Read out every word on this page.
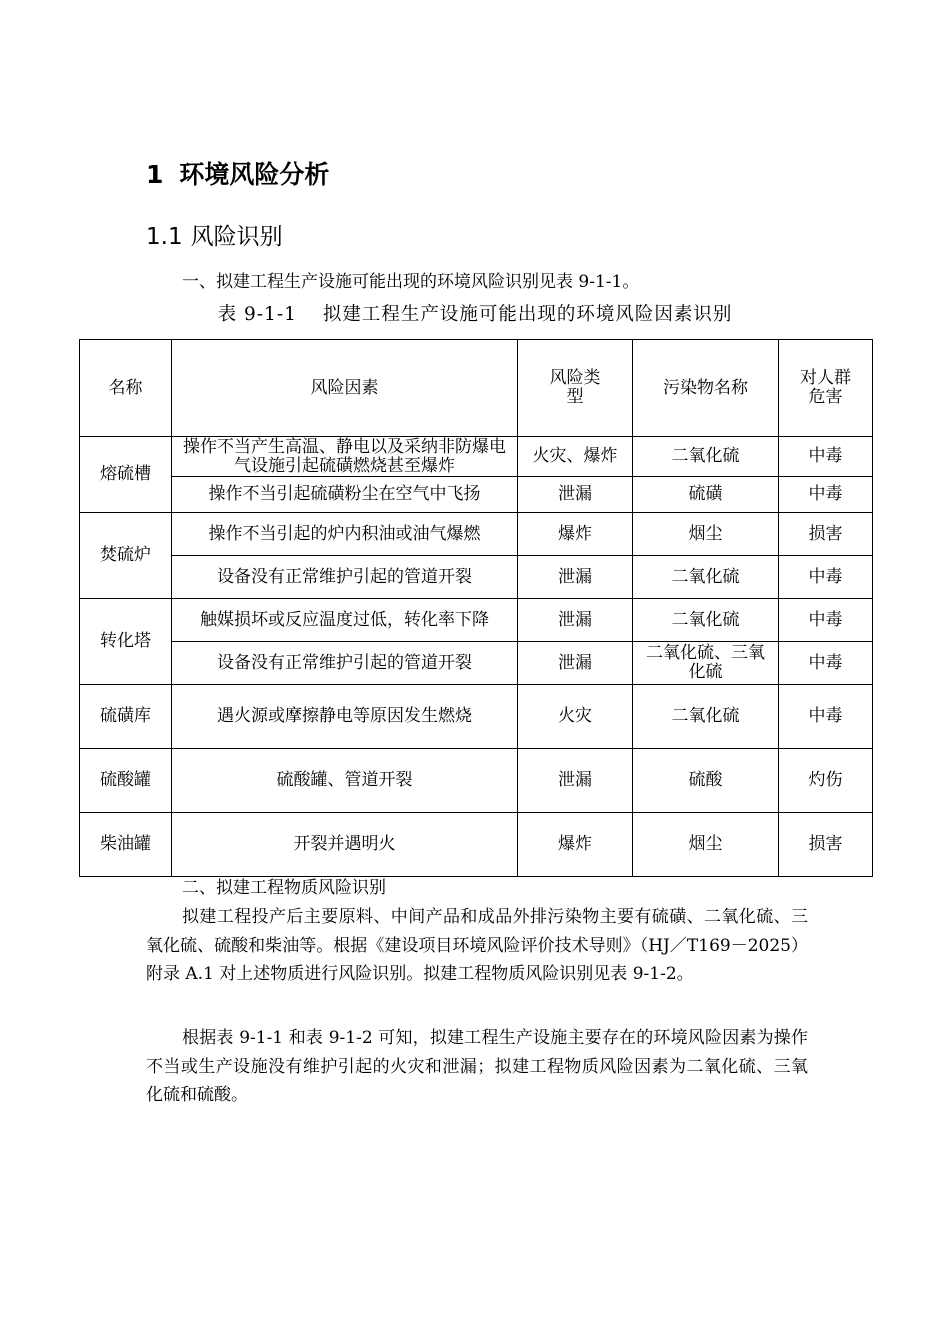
1 环境风险分析
1.1 风险识别
一、拟建工程生产设施可能出现的环境风险识别见表 9-1-1。
表 9-1-1 拟建工程生产设施可能出现的环境风险因素识别
名称	风险因素	风险类型	污染物名称	对人群危害
熔硫槽	操作不当产生高温、静电以及采纳非防爆电气设施引起硫磺燃烧甚至爆炸	火灾、爆炸	二氧化硫	中毒
	操作不当引起硫磺粉尘在空气中飞扬	泄漏	硫磺	中毒
焚硫炉	操作不当引起的炉内积油或油气爆燃	爆炸	烟尘	损害
	设备没有正常维护引起的管道开裂	泄漏	二氧化硫	中毒
转化塔	触媒损坏或反应温度过低，转化率下降	泄漏	二氧化硫	中毒
	设备没有正常维护引起的管道开裂	泄漏	二氧化硫、三氧化硫	中毒
硫磺库	遇火源或摩擦静电等原因发生燃烧	火灾	二氧化硫	中毒
硫酸罐	硫酸罐、管道开裂	泄漏	硫酸	灼伤
柴油罐	开裂并遇明火	爆炸	烟尘	损害
二、拟建工程物质风险识别
拟建工程投产后主要原料、中间产品和成品外排污染物主要有硫磺、二氧化硫、三氧化硫、硫酸和柴油等。根据《建设项目环境风险评价技术导则》（HJ／T169－2025）附录 A.1 对上述物质进行风险识别。拟建工程物质风险识别见表 9-1-2。
根据表 9-1-1 和表 9-1-2 可知，拟建工程生产设施主要存在的环境风险因素为操作不当或生产设施没有维护引起的火灾和泄漏；拟建工程物质风险因素为二氧化硫、三氧化硫和硫酸。
